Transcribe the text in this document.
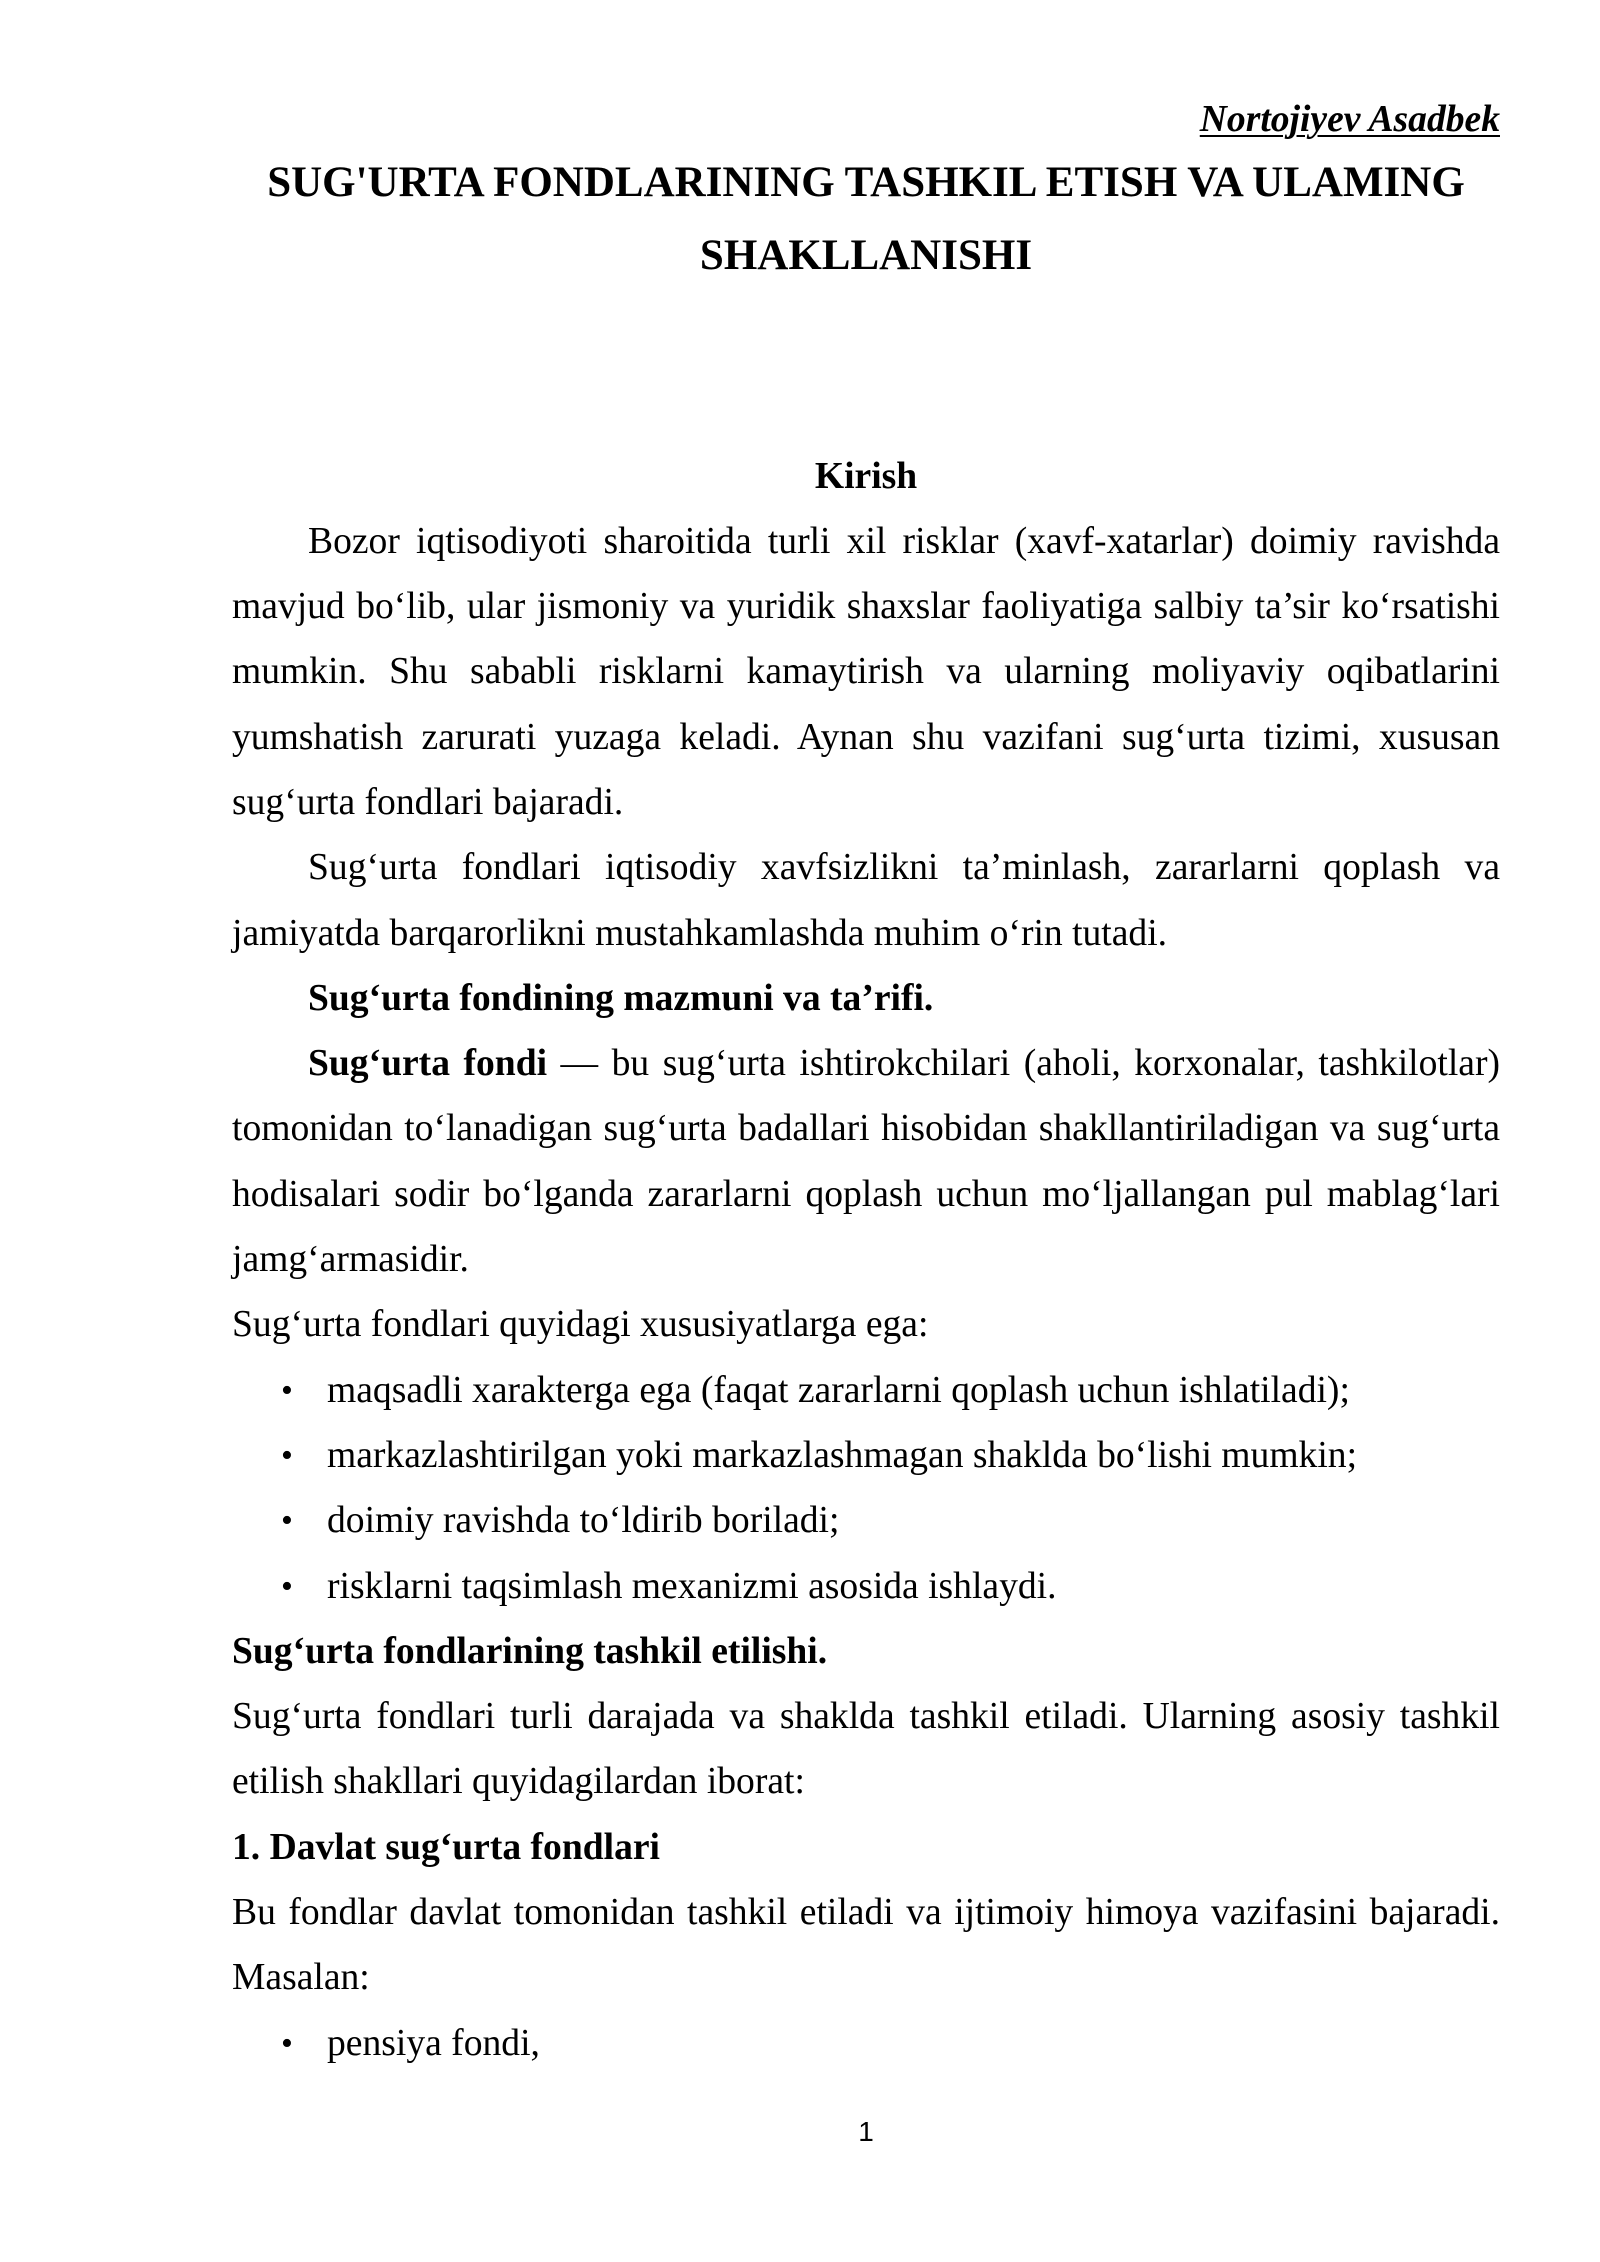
Nortojiyev Asadbek
SUG'URTA FONDLARINING TASHKIL ETISH VA ULAMING
SHAKLLANISHI
Kirish
Bozor iqtisodiyoti sharoitida turli xil risklar (xavf-xatarlar) doimiy ravishda
mavjud bo‘lib, ular jismoniy va yuridik shaxslar faoliyatiga salbiy ta’sir ko‘rsatishi
mumkin. Shu sababli risklarni kamaytirish va ularning moliyaviy oqibatlarini
yumshatish zarurati yuzaga keladi. Aynan shu vazifani sug‘urta tizimi, xususan
sug‘urta fondlari bajaradi.
Sug‘urta fondlari iqtisodiy xavfsizlikni ta’minlash, zararlarni qoplash va
jamiyatda barqarorlikni mustahkamlashda muhim o‘rin tutadi.
Sug‘urta fondining mazmuni va ta’rifi.
Sug‘urta fondi — bu sug‘urta ishtirokchilari (aholi, korxonalar, tashkilotlar)
tomonidan to‘lanadigan sug‘urta badallari hisobidan shakllantiriladigan va sug‘urta
hodisalari sodir bo‘lganda zararlarni qoplash uchun mo‘ljallangan pul mablag‘lari
jamg‘armasidir.
Sug‘urta fondlari quyidagi xususiyatlarga ega:
•
maqsadli xarakterga ega (faqat zararlarni qoplash uchun ishlatiladi);
•
markazlashtirilgan yoki markazlashmagan shaklda bo‘lishi mumkin;
•
doimiy ravishda to‘ldirib boriladi;
•
risklarni taqsimlash mexanizmi asosida ishlaydi.
Sug‘urta fondlarining tashkil etilishi.
Sug‘urta fondlari turli darajada va shaklda tashkil etiladi. Ularning asosiy tashkil
etilish shakllari quyidagilardan iborat:
1. Davlat sug‘urta fondlari
Bu fondlar davlat tomonidan tashkil etiladi va ijtimoiy himoya vazifasini bajaradi.
Masalan:
•
pensiya fondi,
1
